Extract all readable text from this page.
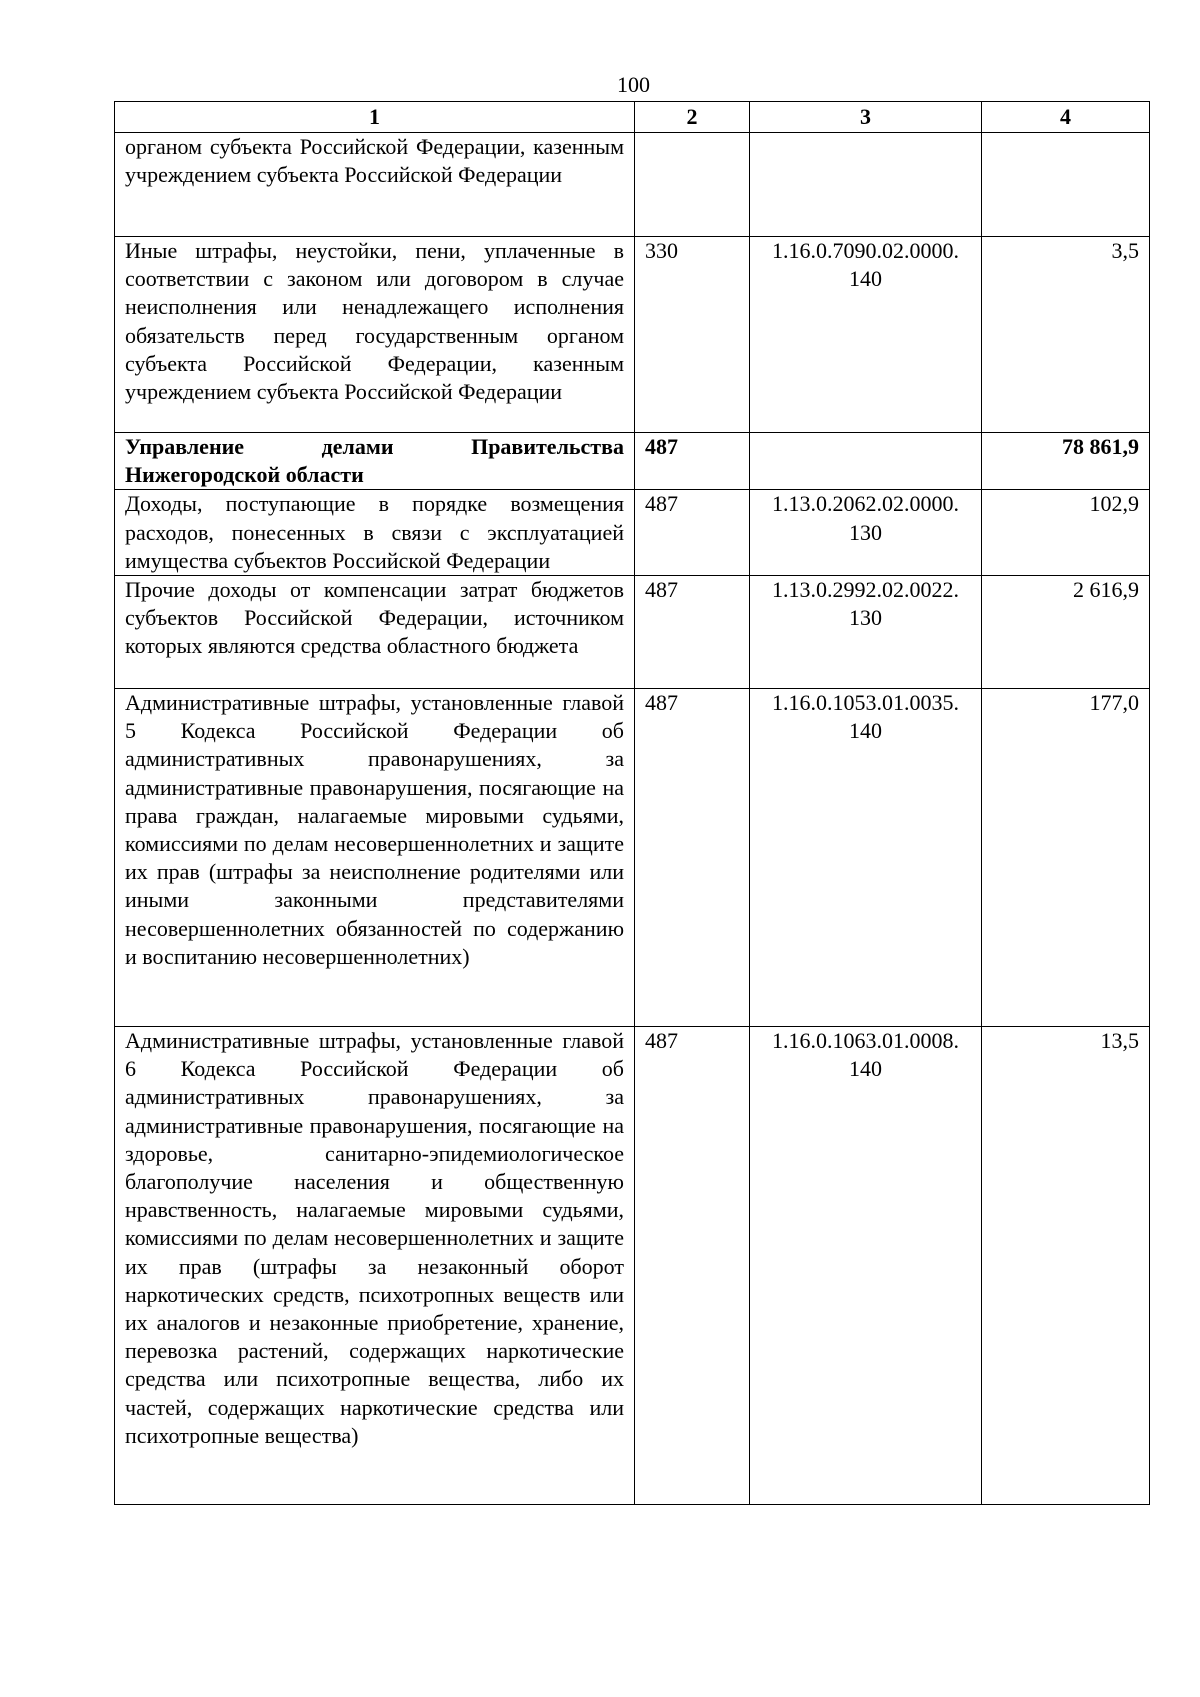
100
1	2	3	4
органом субъекта Российской Федерации, казенным учреждением субъекта Российской Федерации			
Иные штрафы, неустойки, пени, уплаченные в соответствии с законом или договором в случае неисполнения или ненадлежащего исполнения обязательств перед государственным органом субъекта Российской Федерации, казенным учреждением субъекта Российской Федерации	330	1.16.0.7090.02.0000. 140	3,5
Управление делами Правительства Нижегородской области	487		78 861,9
Доходы, поступающие в порядке возмещения расходов, понесенных в связи с эксплуатацией имущества субъектов Российской Федерации	487	1.13.0.2062.02.0000. 130	102,9
Прочие доходы от компенсации затрат бюджетов субъектов Российской Федерации, источником которых являются средства областного бюджета	487	1.13.0.2992.02.0022. 130	2 616,9
Административные штрафы, установленные главой 5 Кодекса Российской Федерации об административных правонарушениях, за административные правонарушения, посягающие на права граждан, налагаемые мировыми судьями, комиссиями по делам несовершеннолетних и защите их прав (штрафы за неисполнение родителями или иными законными представителями несовершеннолетних обязанностей по содержанию и воспитанию несовершеннолетних)	487	1.16.0.1053.01.0035. 140	177,0
Административные штрафы, установленные главой 6 Кодекса Российской Федерации об административных правонарушениях, за административные правонарушения, посягающие на здоровье, санитарно-эпидемиологическое благополучие населения и общественную нравственность, налагаемые мировыми судьями, комиссиями по делам несовершеннолетних и защите их прав (штрафы за незаконный оборот наркотических средств, психотропных веществ или их аналогов и незаконные приобретение, хранение, перевозка растений, содержащих наркотические средства или психотропные вещества, либо их частей, содержащих наркотические средства или психотропные вещества)	487	1.16.0.1063.01.0008. 140	13,5
